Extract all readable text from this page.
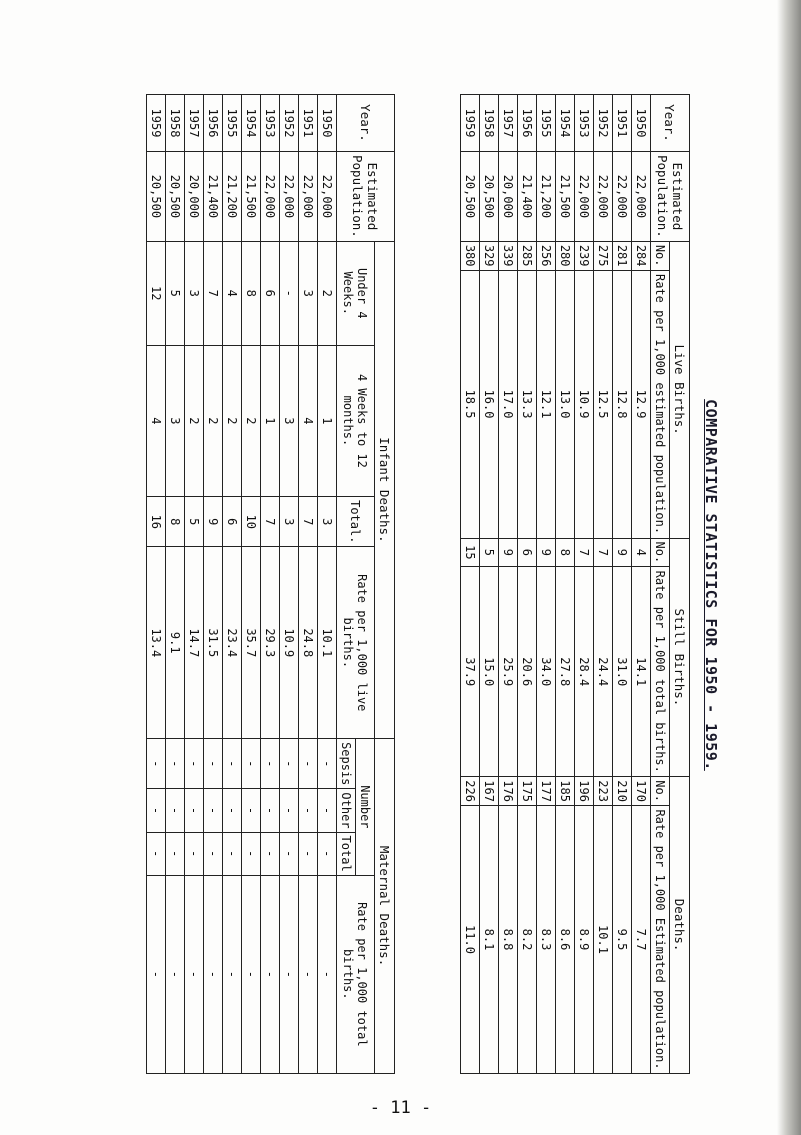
COMPARATIVE STATISTICS FOR 1950 - 1959.
Year.	Estimated Population.	Live Births.		Still Births.		Deaths.	
		No.	Rate per 1,000 estimated population.	No.	Rate per 1,000 total births.	No.	Rate per 1,000 Estimated population.
1950	22,000	284	12.9	4	14.1	170	7.7
1951	22,000	281	12.8	9	31.0	210	9.5
1952	22,000	275	12.5	7	24.4	223	10.1
1953	22,000	239	10.9	7	28.4	196	8.9
1954	21,500	280	13.0	8	27.8	185	8.6
1955	21,200	256	12.1	9	34.0	177	8.3
1956	21,400	285	13.3	6	20.6	175	8.2
1957	20,000	339	17.0	9	25.9	176	8.8
1958	20,500	329	16.0	5	15.0	167	8.1
1959	20,500	380	18.5	15	37.9	226	11.0
Year.	Estimated Population.	Infant Deaths.				Maternal Deaths.			
		Under 4 Weeks.	4 Weeks to 12 months.	Total.	Rate per 1,000 live births.	Number			Rate per 1,000 total births.
						Sepsis	Other	Total	
1950	22,000	2	1	3	10.1	-	-	-	-
1951	22,000	3	4	7	24.8	-	-	-	-
1952	22,000	-	3	3	10.9	-	-	-	-
1953	22,000	6	1	7	29.3	-	-	-	-
1954	21,500	8	2	10	35.7	-	-	-	-
1955	21,200	4	2	6	23.4	-	-	-	-
1956	21,400	7	2	9	31.5	-	-	-	-
1957	20,000	3	2	5	14.7	-	-	-	-
1958	20,500	5	3	8	9.1	-	-	-	-
1959	20,500	12	4	16	13.4	-	-	-	-
- 11 -
